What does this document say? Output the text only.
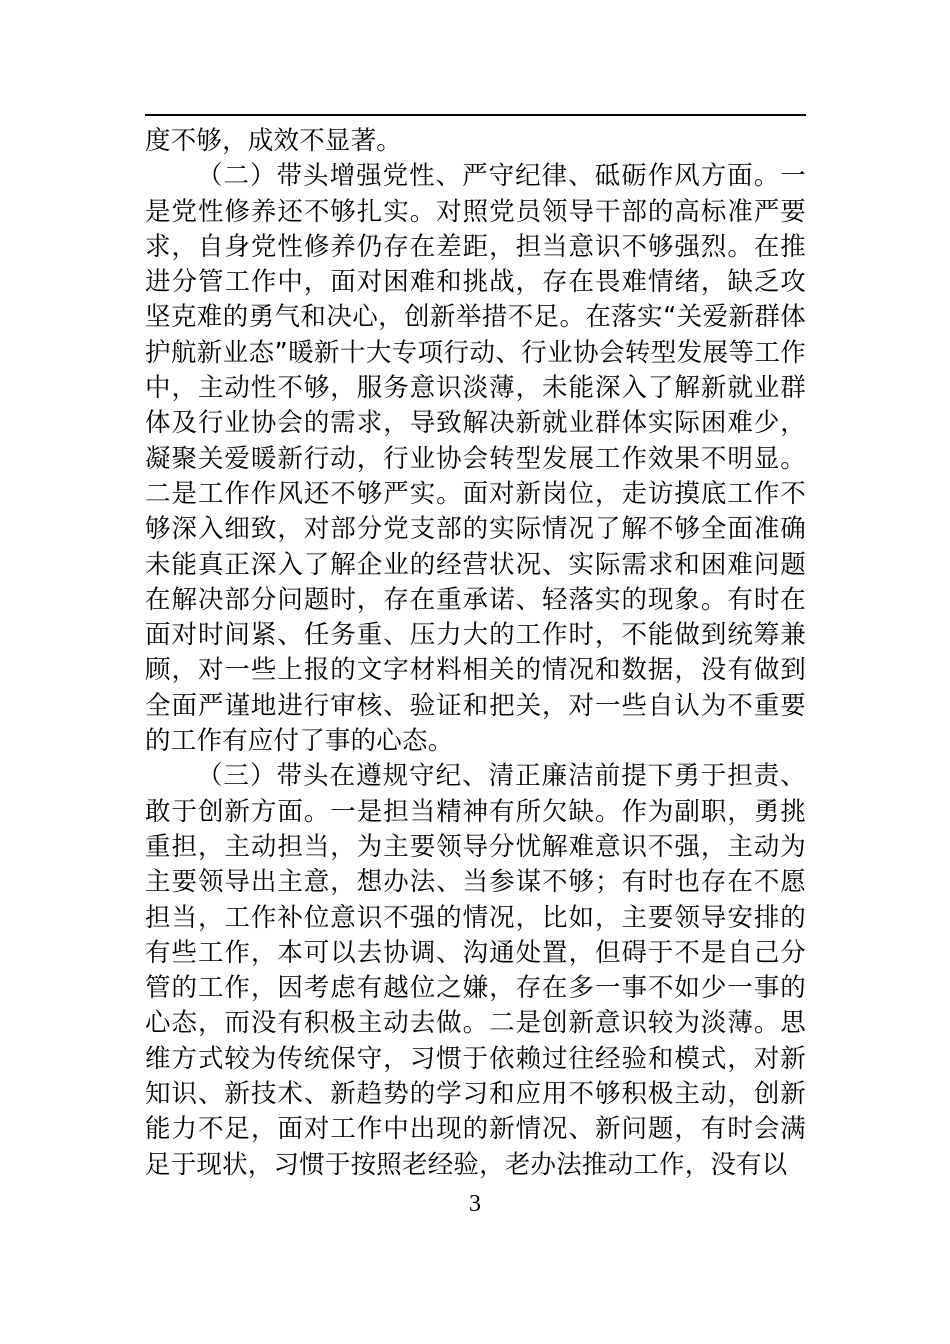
度不够，成效不显著。

（二）带头增强党性、严守纪律、砥砺作风方面。一是党性修养还不够扎实。对照党员领导干部的高标准严要求，自身党性修养仍存在差距，担当意识不够强烈。在推进分管工作中，面对困难和挑战，存在畏难情绪，缺乏攻坚克难的勇气和决心，创新举措不足。在落实“关爱新群体护航新业态”暖新十大专项行动、行业协会转型发展等工作中，主动性不够，服务意识淡薄，未能深入了解新就业群体及行业协会的需求，导致解决新就业群体实际困难少，凝聚关爱暖新行动，行业协会转型发展工作效果不明显。二是工作作风还不够严实。面对新岗位，走访摸底工作不够深入细致，对部分党支部的实际情况了解不够全面准确未能真正深入了解企业的经营状况、实际需求和困难问题在解决部分问题时，存在重承诺、轻落实的现象。有时在面对时间紧、任务重、压力大的工作时，不能做到统筹兼顾，对一些上报的文字材料相关的情况和数据，没有做到全面严谨地进行审核、验证和把关，对一些自认为不重要的工作有应付了事的心态。

（三）带头在遵规守纪、清正廉洁前提下勇于担责、敢于创新方面。一是担当精神有所欠缺。作为副职，勇挑重担，主动担当，为主要领导分忧解难意识不强，主动为主要领导出主意，想办法、当参谋不够；有时也存在不愿担当，工作补位意识不强的情况，比如，主要领导安排的有些工作，本可以去协调、沟通处置，但碍于不是自己分管的工作，因考虑有越位之嫌，存在多一事不如少一事的心态，而没有积极主动去做。二是创新意识较为淡薄。思维方式较为传统保守，习惯于依赖过往经验和模式，对新知识、新技术、新趋势的学习和应用不够积极主动，创新能力不足，面对工作中出现的新情况、新问题，有时会满足于现状，习惯于按照老经验，老办法推动工作，没有以

3
